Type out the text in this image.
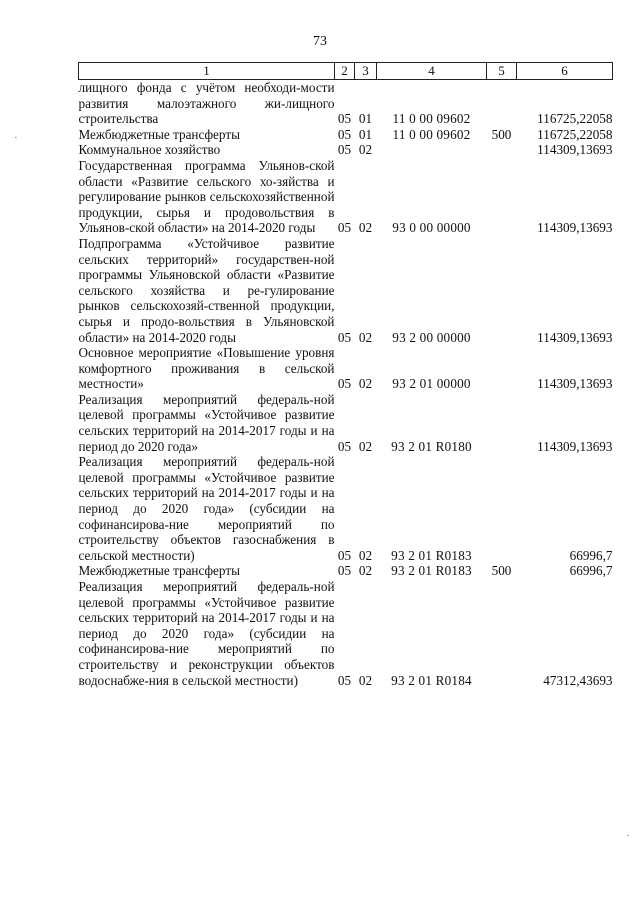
73
1	2	3	4	5	6
лищного фонда с учётом необходи-мости развития малоэтажного жи-лищного строительства	05	01	11 0 00 09602		116725,22058
Межбюджетные трансферты	05	01	11 0 00 09602	500	116725,22058
Коммунальное хозяйство	05	02			114309,13693
Государственная программа Ульянов-ской области «Развитие сельского хо-зяйства и регулирование рынков сельскохозяйственной продукции, сырья и продовольствия в Ульянов-ской области» на 2014-2020 годы	05	02	93 0 00 00000		114309,13693
Подпрограмма «Устойчивое развитие сельских территорий» государствен-ной программы Ульяновской области «Развитие сельского хозяйства и ре-гулирование рынков сельскохозяй-ственной продукции, сырья и продо-вольствия в Ульяновской области» на 2014-2020 годы	05	02	93 2 00 00000		114309,13693
Основное мероприятие «Повышение уровня комфортного проживания в сельской местности»	05	02	93 2 01 00000		114309,13693
Реализация мероприятий федераль-ной целевой программы «Устойчивое развитие сельских территорий на 2014-2017 годы и на период до 2020 года»	05	02	93 2 01 R0180		114309,13693
Реализация мероприятий федераль-ной целевой программы «Устойчивое развитие сельских территорий на 2014-2017 годы и на период до 2020 года» (субсидии на софинансирова-ние мероприятий по строительству объектов газоснабжения в сельской местности)	05	02	93 2 01 R0183		66996,7
Межбюджетные трансферты	05	02	93 2 01 R0183	500	66996,7
Реализация мероприятий федераль-ной целевой программы «Устойчивое развитие сельских территорий на 2014-2017 годы и на период до 2020 года» (субсидии на софинансирова-ние мероприятий по строительству и реконструкции объектов водоснабже-ния в сельской местности)	05	02	93 2 01 R0184		47312,43693
·
·
